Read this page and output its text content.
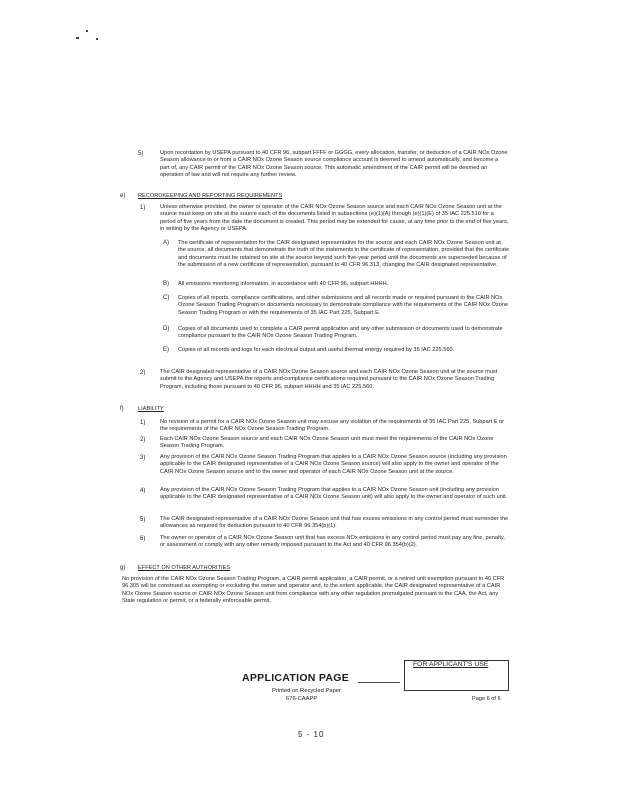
5)	Upon recordation by USEPA pursuant to 40 CFR 96, subpart FFFF or GGGG, every allocation, transfer, or deduction of a CAIR NOx Ozone Season allowance to or from a CAIR NOx Ozone Season source compliance account is deemed to amend automatically, and become a part of, any CAIR permit of the CAIR NOx Ozone Season source. This automatic amendment of the CAIR permit will be deemed an operation of law and will not require any further review.
e) RECORDKEEPING AND REPORTING REQUIREMENTS
1)	Unless otherwise provided, the owner or operator of the CAIR NOx Ozone Season source and each CAIR NOx Ozone Season unit at the source must keep on site at the source each of the documents listed in subsections (e)(1)(A) through (e)(1)(E) of 35 IAC 225.510 for a period of five years from the date the document is created. This period may be extended for cause, at any time prior to the end of five years, in writing by the Agency or USEPA.
A) The certificate of representation for the CAIR designated representative for the source and each CAIR NOx Ozone Season unit at the source, all documents that demonstrate the truth of the statements in the certificate of representation, provided that the certificate and documents must be retained on site at the source beyond such five-year period until the documents are superseded because of the submission of a new certificate of representation, pursuant to 40 CFR 96.313, changing the CAIR designated representative.
B) All emissions monitoring information, in accordance with 40 CFR 96, subpart HHHH.
C) Copies of all reports, compliance certifications, and other submissions and all records made or required pursuant to the CAIR NOx Ozone Season Trading Program or documents necessary to demonstrate compliance with the requirements of the CAIR NOx Ozone Season Trading Program or with the requirements of 35 IAC Part 225, Subpart E.
D) Copies of all documents used to complete a CAIR permit application and any other submission or documents used to demonstrate compliance pursuant to the CAIR NOx Ozone Season Trading Program.
E) Copies of all records and logs for each electrical output and useful thermal energy required by 35 IAC 225.560.
2)	The CAIR designated representative of a CAIR NOx Ozone Season source and each CAIR NOx Ozone Season unit at the source must submit to the Agency and USEPA the reports and compliance certifications required pursuant to the CAIR NOx Ozone Season Trading Program, including those pursuant to 40 CFR 96, subpart HHHH and 35 IAC 225.560.
f)	LIABILITY
1)	No revision of a permit for a CAIR NOx Ozone Season unit may excuse any violation of the requirements of 35 IAC Part 225, Subpart E or the requirements of the CAIR NOx Ozone Season Trading Program.
2)	Each CAIR NOx Ozone Season source and each CAIR NOx Ozone Season unit must meet the requirements of the CAIR NOx Ozone Season Trading Program.
3)	Any provision of the CAIR NOx Ozone Season Trading Program that applies to a CAIR NOx Ozone Season source (including any provision applicable to the CAIR designated representative of a CAIR NOx Ozone Season source) will also apply to the owner and operator of the CAIR NOx Ozone Season source and to the owner and operator of each CAIR NOx Ozone Season unit at the source.
4)	Any provision of the CAIR NOx Ozone Season Trading Program that applies to a CAIR NOx Ozone Season unit (including any provision applicable to the CAIR designated representative of a CAIR NOx Ozone Season unit) will also apply to the owner and operator of such unit.
5)	The CAIR designated representative of a CAIR NOx Ozone Season unit that has excess emissions in any control period must surrender the allowances as required for deduction pursuant to 40 CFR 96.354(b)(1).
6)	The owner or operator of a CAIR NOx Ozone Season unit that has excess NOx emissions in any control period must pay any fine, penalty, or assessment or comply with any other remedy imposed pursuant to the Act and 40 CFR 96.354(b)(2).
g) EFFECT ON OTHER AUTHORITIES
No provision of the CAIR NOx Ozone Season Trading Program, a CAIR permit application, a CAIR permit, or a retired unit exemption pursuant to 40 CFR 96.305 will be construed as exempting or excluding the owner and operator and, to the extent applicable, the CAIR designated representative of a CAIR NOx Ozone Season source or CAIR NOx Ozone Season unit from compliance with any other regulation promulgated pursuant to the CAA, the Act, any State regulation or permit, or a federally enforceable permit.
APPLICATION PAGE
FOR APPLICANT'S USE
Printed on Recycled Paper
676-CAAPP	Page 6 of 6
5 - 10
